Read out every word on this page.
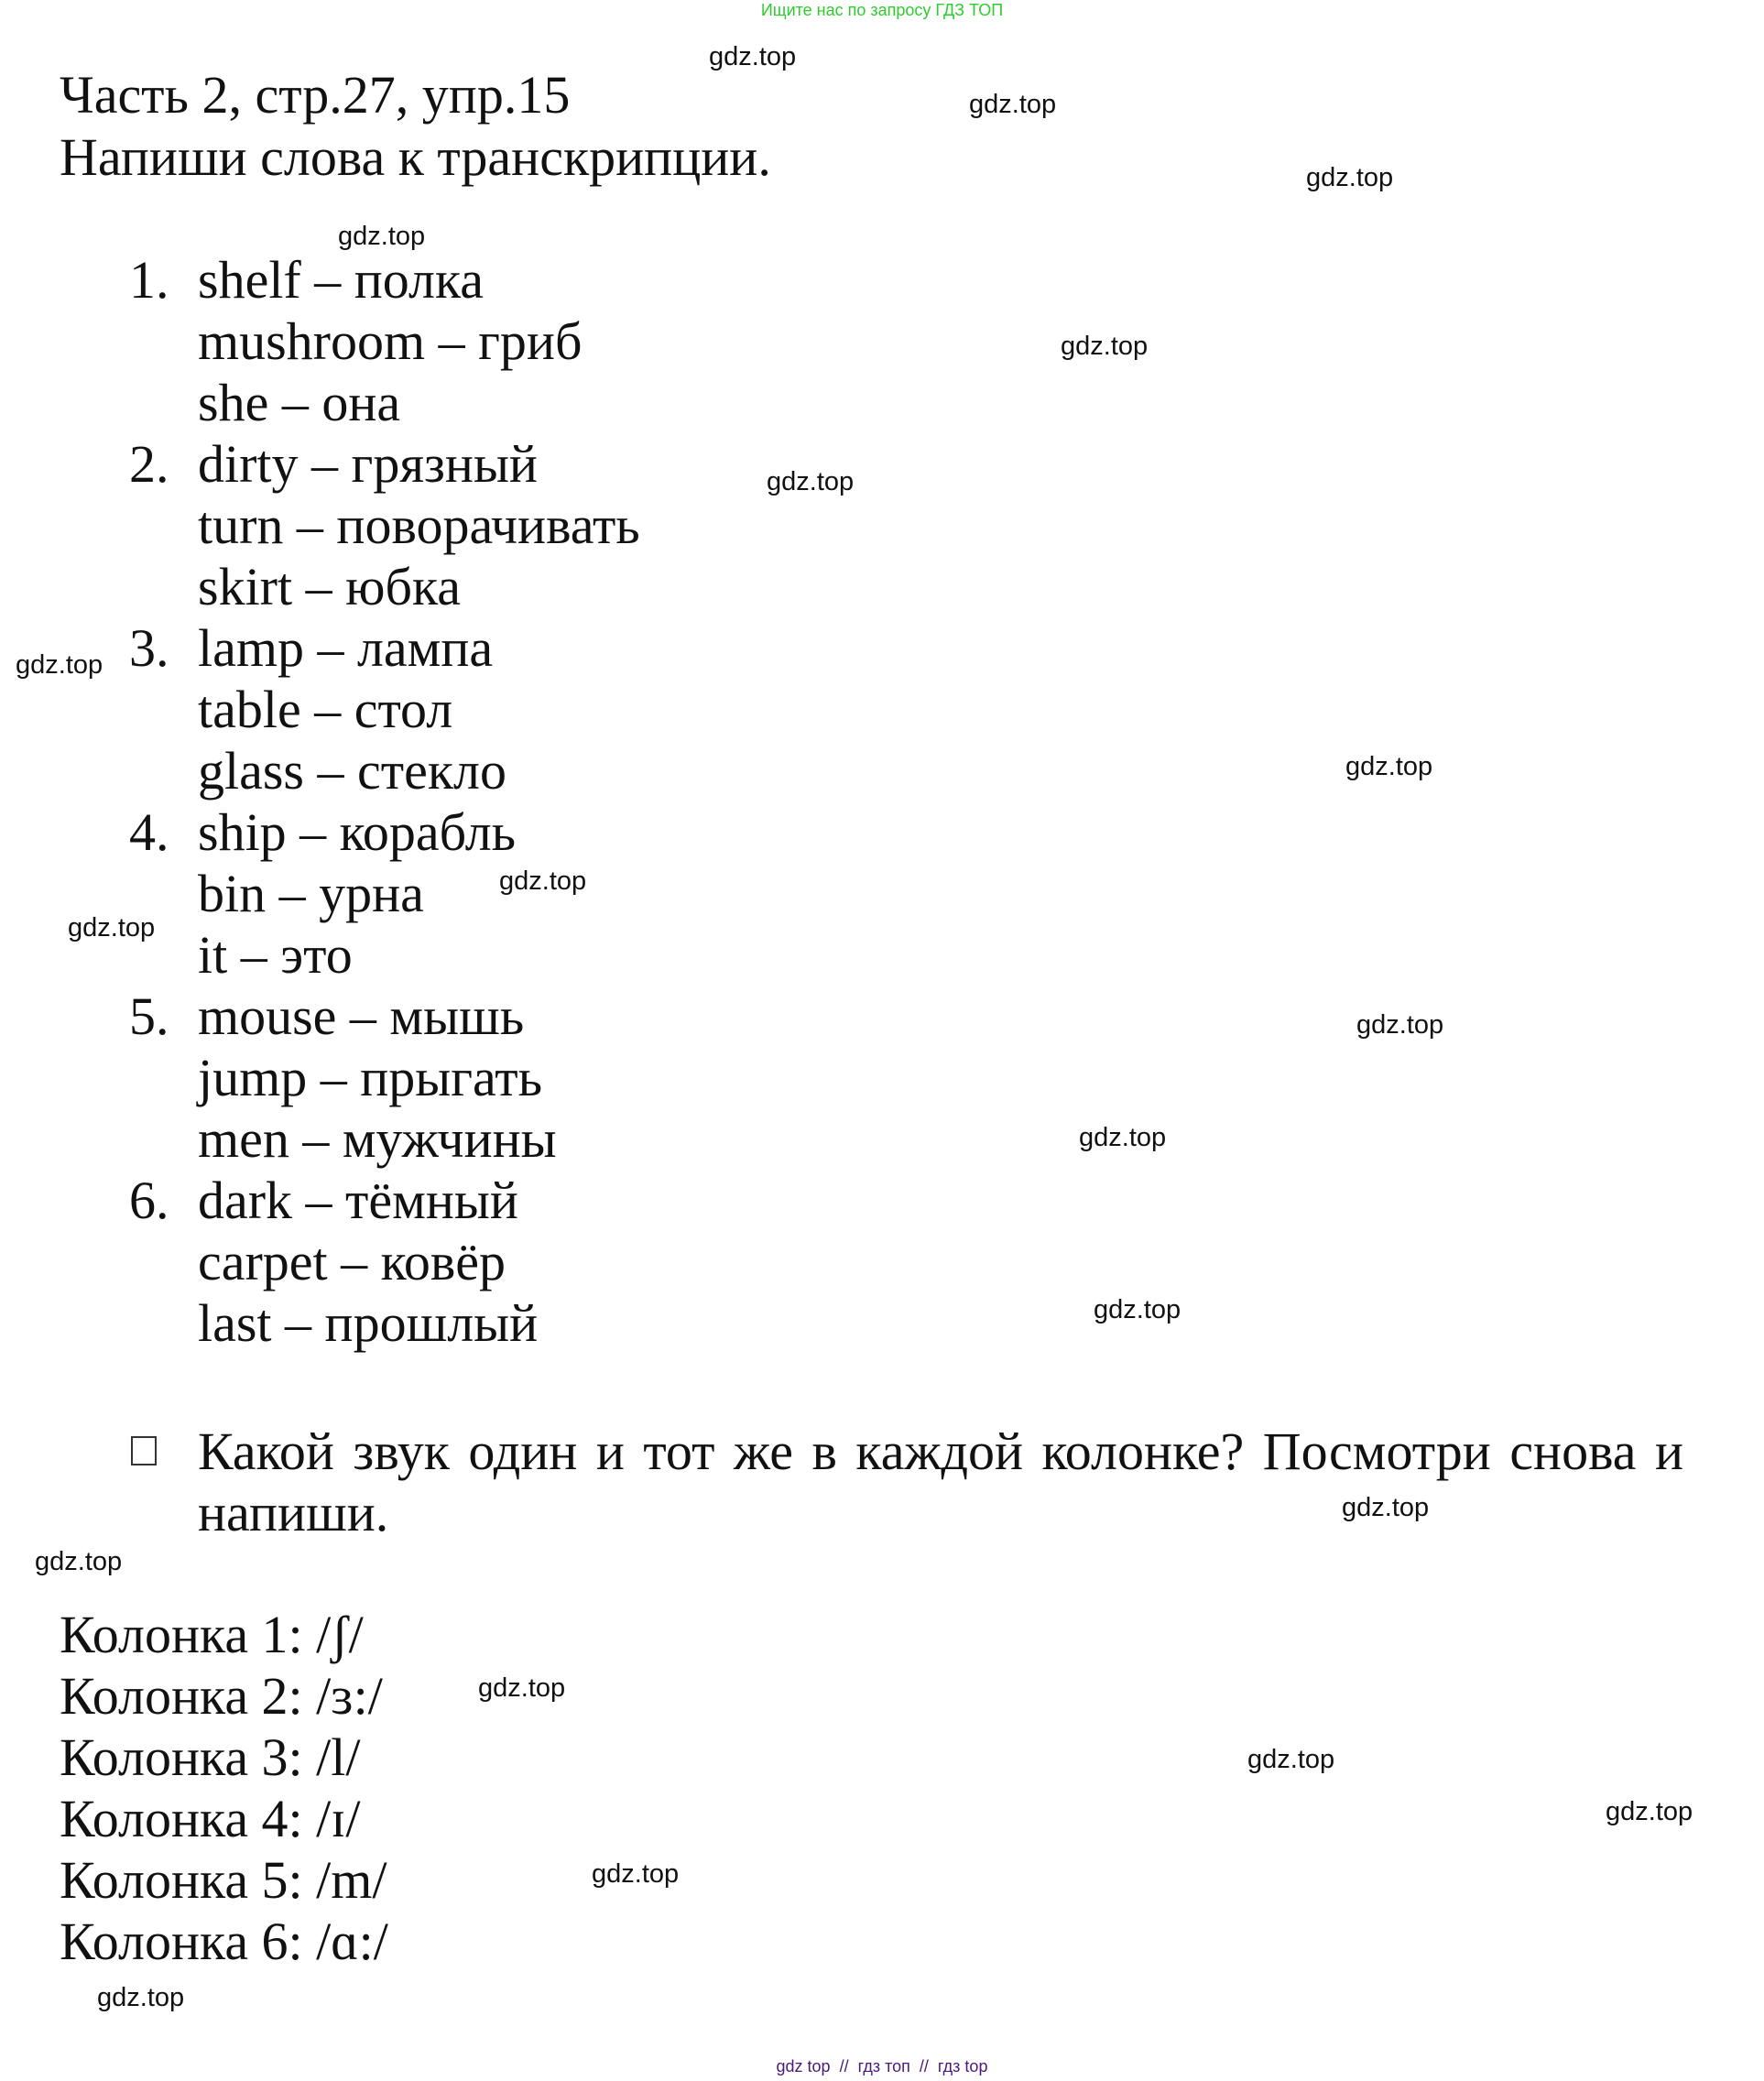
Ищите нас по запросу ГДЗ ТОП
Часть 2, стр.27, упр.15
Напиши слова к транскрипции.
1. shelf – полка
mushroom – гриб
she – она
2. dirty – грязный
turn – поворачивать
skirt – юбка
3. lamp – лампа
table – стол
glass – стекло
4. ship – корабль
bin – урна
it – это
5. mouse – мышь
jump – прыгать
men – мужчины
6. dark – тёмный
carpet – ковёр
last – прошлый
Какой звук один и тот же в каждой колонке? Посмотри снова и напиши.
Колонка 1: /ʃ/
Колонка 2: /ɜ:/
Колонка 3: /l/
Колонка 4: /ɪ/
Колонка 5: /m/
Колонка 6: /ɑ:/
gdz.top
gdz.top
gdz.top
gdz.top
gdz.top
gdz.top
gdz.top
gdz.top
gdz.top
gdz.top
gdz.top
gdz.top
gdz.top
gdz.top
gdz.top
gdz.top
gdz.top
gdz.top
gdz.top
gdz.top
gdz top // гдз топ // гдз top
